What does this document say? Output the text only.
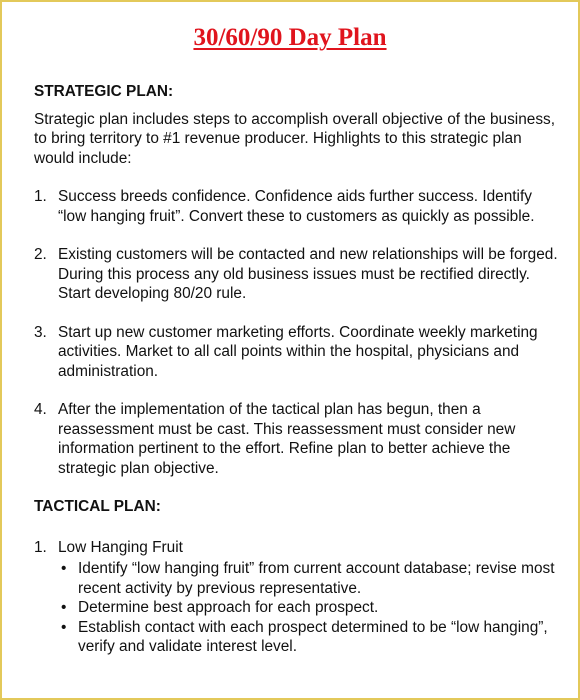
30/60/90 Day Plan
STRATEGIC PLAN:

Strategic plan includes steps to accomplish overall objective of the business, to bring territory to #1 revenue producer. Highlights to this strategic plan would include:

1. Success breeds confidence. Confidence aids further success. Identify “low hanging fruit”. Convert these to customers as quickly as possible.
2. Existing customers will be contacted and new relationships will be forged. During this process any old business issues must be rectified directly. Start developing 80/20 rule.
3. Start up new customer marketing efforts. Coordinate weekly marketing activities. Market to all call points within the hospital, physicians and administration.
4. After the implementation of the tactical plan has begun, then a reassessment must be cast. This reassessment must consider new information pertinent to the effort. Refine plan to better achieve the strategic plan objective.
TACTICAL PLAN:
1. Low Hanging Fruit
• Identify “low hanging fruit” from current account database; revise most recent activity by previous representative.
• Determine best approach for each prospect.
• Establish contact with each prospect determined to be “low hanging”, verify and validate interest level.
